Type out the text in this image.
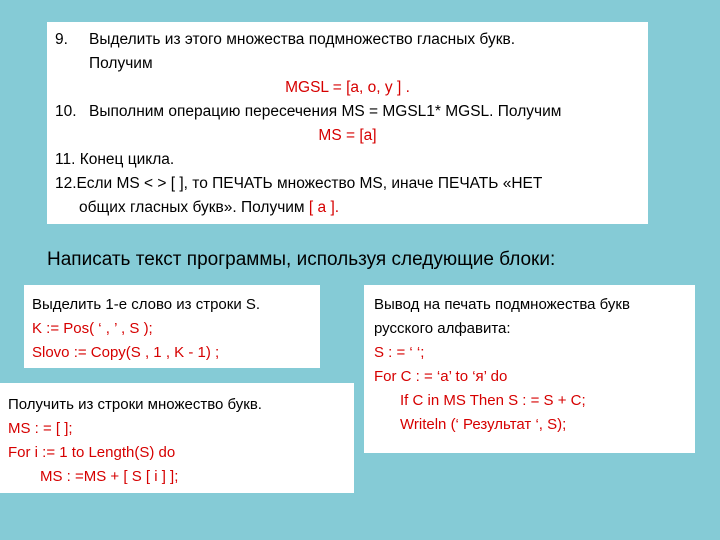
9. Выделить из этого множества подмножество гласных букв.
Получим
MGSL = [а, о, у ] .
10. Выполним операцию пересечения MS = MGSL1* MGSL. Получим
MS = [а]
11. Конец цикла.
12.Если MS < > [ ], то ПЕЧАТЬ множество MS, иначе ПЕЧАТЬ «НЕТ
общих гласных букв». Получим [ а ].
Написать текст программы, используя следующие блоки:
Выделить 1-е слово из строки S.
K := Pos( ‘ , ’ , S );
Slovo := Copy(S , 1 , K - 1) ;
Получить из строки множество букв.
MS : = [ ];
For i := 1 to Length(S) do
MS : =MS + [ S [ i ] ];
Вывод на печать подмножества букв
русского алфавита:
S : = ‘ ‘;
For C : = ‘а’ to ‘я’ do
If C in MS Then S : = S + C;
Writeln (‘ Результат ‘, S);
